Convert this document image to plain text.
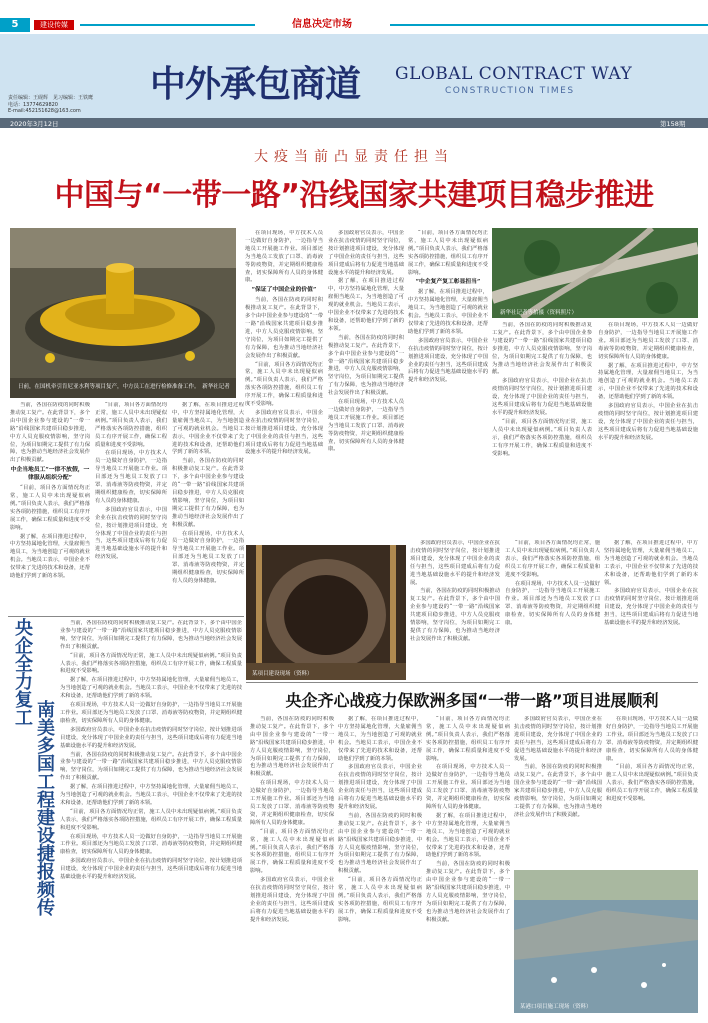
5	建设传媒	信息决定市场
中外承包商道 GLOBAL CONTRACT WAY
CONSTRUCTION TIMES
责任编辑：王砚辉　见习编辑：王铁鹰
电话：13774629820
E-mail:452151628@163.com
2020年3月12日	第158期
大疫当前凸显责任担当
中国与“一带一路”沿线国家共建项目稳步推进
日前，在国机牵引肯尼亚水利等项目复产，中方员工在进行检修准备工作。　新华社记者

当前，各国在防疫的同时积极推动复工复产。在此背景下，多个由中国企业参与建设的“一带一路”沿线国家共建项目稳步推进，中方人员克服疫情影响，坚守岗位，为项目如期完工提供了有力保障，也为推动当地经济社会发展作出了积极贡献。

中企当地员工“一律不放假，一律服从组织分配”

“目前，项目各方面情况均正常，施工人员中未出现疑似病例。”项目负责人表示，我们严格落实各项防控措施，组织员工有序开展工作，确保工程质量和进度不受影响。

据了解，在项目推进过程中，中方坚持属地化管理，大量雇佣当地员工，为当地创造了可观的就业机会。当地员工表示，中国企业不仅带来了先进的技术和设备，还帮助他们学到了新的本领。

“目前，项目各方面情况均正常，施工人员中未出现疑似病例。”项目负责人表示，我们严格落实各项防控措施，组织员工有序开展工作，确保工程质量和进度不受影响。

在项目现场，中方技术人员一边做好自身防护，一边指导当地员工开展施工作业。项目部还为当地员工发放了口罩、消毒液等防疫物资，并定期组织健康检查，切实保障所有人员的身体健康。

多国政府官员表示，中国企业在抗击疫情的同时坚守岗位，按计划推进项目建设，充分体现了中国企业的责任与担当，这些项目建成后将有力促进当地基础设施水平的提升和经济发展。

据了解，在项目推进过程中，中方坚持属地化管理，大量雇佣当地员工，为当地创造了可观的就业机会。当地员工表示，中国企业不仅带来了先进的技术和设备，还帮助他们学到了新的本领。

当前，各国在防疫的同时积极推动复工复产。在此背景下，多个由中国企业参与建设的“一带一路”沿线国家共建项目稳步推进，中方人员克服疫情影响，坚守岗位，为项目如期完工提供了有力保障，也为推动当地经济社会发展作出了积极贡献。

在项目现场，中方技术人员一边做好自身防护，一边指导当地员工开展施工作业。项目部还为当地员工发放了口罩、消毒液等防疫物资，并定期组织健康检查，切实保障所有人员的身体健康。

在项目现场，中方技术人员一边做好自身防护，一边指导当地员工开展施工作业。项目部还为当地员工发放了口罩、消毒液等防疫物资，并定期组织健康检查，切实保障所有人员的身体健康。

“保证了中国企业的价值”

当前，各国在防疫的同时积极推动复工复产。在此背景下，多个由中国企业参与建设的“一带一路”沿线国家共建项目稳步推进，中方人员克服疫情影响，坚守岗位，为项目如期完工提供了有力保障，也为推动当地经济社会发展作出了积极贡献。

“目前，项目各方面情况均正常，施工人员中未出现疑似病例。”项目负责人表示，我们严格落实各项防控措施，组织员工有序开展工作，确保工程质量和进度不受影响。

多国政府官员表示，中国企业在抗击疫情的同时坚守岗位，按计划推进项目建设，充分体现了中国企业的责任与担当，这些项目建成后将有力促进当地基础设施水平的提升和经济发展。

多国政府官员表示，中国企业在抗击疫情的同时坚守岗位，按计划推进项目建设，充分体现了中国企业的责任与担当，这些项目建成后将有力促进当地基础设施水平的提升和经济发展。

据了解，在项目推进过程中，中方坚持属地化管理，大量雇佣当地员工，为当地创造了可观的就业机会。当地员工表示，中国企业不仅带来了先进的技术和设备，还帮助他们学到了新的本领。

当前，各国在防疫的同时积极推动复工复产。在此背景下，多个由中国企业参与建设的“一带一路”沿线国家共建项目稳步推进，中方人员克服疫情影响，坚守岗位，为项目如期完工提供了有力保障，也为推动当地经济社会发展作出了积极贡献。

在项目现场，中方技术人员一边做好自身防护，一边指导当地员工开展施工作业。项目部还为当地员工发放了口罩、消毒液等防疫物资，并定期组织健康检查，切实保障所有人员的身体健康。

“目前，项目各方面情况均正常，施工人员中未出现疑似病例。”项目负责人表示，我们严格落实各项防控措施，组织员工有序开展工作，确保工程质量和进度不受影响。

“中企复产复工彰显担当”

据了解，在项目推进过程中，中方坚持属地化管理，大量雇佣当地员工，为当地创造了可观的就业机会。当地员工表示，中国企业不仅带来了先进的技术和设备，还帮助他们学到了新的本领。

多国政府官员表示，中国企业在抗击疫情的同时坚守岗位，按计划推进项目建设，充分体现了中国企业的责任与担当，这些项目建成后将有力促进当地基础设施水平的提升和经济发展。

新华社记者等拍摄（资料照片）

当前，各国在防疫的同时积极推动复工复产。在此背景下，多个由中国企业参与建设的“一带一路”沿线国家共建项目稳步推进，中方人员克服疫情影响，坚守岗位，为项目如期完工提供了有力保障，也为推动当地经济社会发展作出了积极贡献。

多国政府官员表示，中国企业在抗击疫情的同时坚守岗位，按计划推进项目建设，充分体现了中国企业的责任与担当，这些项目建成后将有力促进当地基础设施水平的提升和经济发展。

“目前，项目各方面情况均正常，施工人员中未出现疑似病例。”项目负责人表示，我们严格落实各项防控措施，组织员工有序开展工作，确保工程质量和进度不受影响。

在项目现场，中方技术人员一边做好自身防护，一边指导当地员工开展施工作业。项目部还为当地员工发放了口罩、消毒液等防疫物资，并定期组织健康检查，切实保障所有人员的身体健康。

据了解，在项目推进过程中，中方坚持属地化管理，大量雇佣当地员工，为当地创造了可观的就业机会。当地员工表示，中国企业不仅带来了先进的技术和设备，还帮助他们学到了新的本领。

多国政府官员表示，中国企业在抗击疫情的同时坚守岗位，按计划推进项目建设，充分体现了中国企业的责任与担当，这些项目建成后将有力促进当地基础设施水平的提升和经济发展。

某项目建设现场（资料）

多国政府官员表示，中国企业在抗击疫情的同时坚守岗位，按计划推进项目建设，充分体现了中国企业的责任与担当，这些项目建成后将有力促进当地基础设施水平的提升和经济发展。

当前，各国在防疫的同时积极推动复工复产。在此背景下，多个由中国企业参与建设的“一带一路”沿线国家共建项目稳步推进，中方人员克服疫情影响，坚守岗位，为项目如期完工提供了有力保障，也为推动当地经济社会发展作出了积极贡献。

“目前，项目各方面情况均正常，施工人员中未出现疑似病例。”项目负责人表示，我们严格落实各项防控措施，组织员工有序开展工作，确保工程质量和进度不受影响。

在项目现场，中方技术人员一边做好自身防护，一边指导当地员工开展施工作业。项目部还为当地员工发放了口罩、消毒液等防疫物资，并定期组织健康检查，切实保障所有人员的身体健康。

据了解，在项目推进过程中，中方坚持属地化管理，大量雇佣当地员工，为当地创造了可观的就业机会。当地员工表示，中国企业不仅带来了先进的技术和设备，还帮助他们学到了新的本领。

多国政府官员表示，中国企业在抗击疫情的同时坚守岗位，按计划推进项目建设，充分体现了中国企业的责任与担当，这些项目建成后将有力促进当地基础设施水平的提升和经济发展。

央企全力复工
南美多国工程建设捷报频传

当前，各国在防疫的同时积极推动复工复产。在此背景下，多个由中国企业参与建设的“一带一路”沿线国家共建项目稳步推进，中方人员克服疫情影响，坚守岗位，为项目如期完工提供了有力保障，也为推动当地经济社会发展作出了积极贡献。

“目前，项目各方面情况均正常，施工人员中未出现疑似病例。”项目负责人表示，我们严格落实各项防控措施，组织员工有序开展工作，确保工程质量和进度不受影响。

据了解，在项目推进过程中，中方坚持属地化管理，大量雇佣当地员工，为当地创造了可观的就业机会。当地员工表示，中国企业不仅带来了先进的技术和设备，还帮助他们学到了新的本领。

在项目现场，中方技术人员一边做好自身防护，一边指导当地员工开展施工作业。项目部还为当地员工发放了口罩、消毒液等防疫物资，并定期组织健康检查，切实保障所有人员的身体健康。

多国政府官员表示，中国企业在抗击疫情的同时坚守岗位，按计划推进项目建设，充分体现了中国企业的责任与担当，这些项目建成后将有力促进当地基础设施水平的提升和经济发展。

当前，各国在防疫的同时积极推动复工复产。在此背景下，多个由中国企业参与建设的“一带一路”沿线国家共建项目稳步推进，中方人员克服疫情影响，坚守岗位，为项目如期完工提供了有力保障，也为推动当地经济社会发展作出了积极贡献。

据了解，在项目推进过程中，中方坚持属地化管理，大量雇佣当地员工，为当地创造了可观的就业机会。当地员工表示，中国企业不仅带来了先进的技术和设备，还帮助他们学到了新的本领。

“目前，项目各方面情况均正常，施工人员中未出现疑似病例。”项目负责人表示，我们严格落实各项防控措施，组织员工有序开展工作，确保工程质量和进度不受影响。

在项目现场，中方技术人员一边做好自身防护，一边指导当地员工开展施工作业。项目部还为当地员工发放了口罩、消毒液等防疫物资，并定期组织健康检查，切实保障所有人员的身体健康。

多国政府官员表示，中国企业在抗击疫情的同时坚守岗位，按计划推进项目建设，充分体现了中国企业的责任与担当，这些项目建成后将有力促进当地基础设施水平的提升和经济发展。

央企齐心战疫力保欧洲多国“一带一路”项目进展顺利

当前，各国在防疫的同时积极推动复工复产。在此背景下，多个由中国企业参与建设的“一带一路”沿线国家共建项目稳步推进，中方人员克服疫情影响，坚守岗位，为项目如期完工提供了有力保障，也为推动当地经济社会发展作出了积极贡献。

在项目现场，中方技术人员一边做好自身防护，一边指导当地员工开展施工作业。项目部还为当地员工发放了口罩、消毒液等防疫物资，并定期组织健康检查，切实保障所有人员的身体健康。

“目前，项目各方面情况均正常，施工人员中未出现疑似病例。”项目负责人表示，我们严格落实各项防控措施，组织员工有序开展工作，确保工程质量和进度不受影响。

多国政府官员表示，中国企业在抗击疫情的同时坚守岗位，按计划推进项目建设，充分体现了中国企业的责任与担当，这些项目建成后将有力促进当地基础设施水平的提升和经济发展。

据了解，在项目推进过程中，中方坚持属地化管理，大量雇佣当地员工，为当地创造了可观的就业机会。当地员工表示，中国企业不仅带来了先进的技术和设备，还帮助他们学到了新的本领。

多国政府官员表示，中国企业在抗击疫情的同时坚守岗位，按计划推进项目建设，充分体现了中国企业的责任与担当，这些项目建成后将有力促进当地基础设施水平的提升和经济发展。

当前，各国在防疫的同时积极推动复工复产。在此背景下，多个由中国企业参与建设的“一带一路”沿线国家共建项目稳步推进，中方人员克服疫情影响，坚守岗位，为项目如期完工提供了有力保障，也为推动当地经济社会发展作出了积极贡献。

“目前，项目各方面情况均正常，施工人员中未出现疑似病例。”项目负责人表示，我们严格落实各项防控措施，组织员工有序开展工作，确保工程质量和进度不受影响。

“目前，项目各方面情况均正常，施工人员中未出现疑似病例。”项目负责人表示，我们严格落实各项防控措施，组织员工有序开展工作，确保工程质量和进度不受影响。

在项目现场，中方技术人员一边做好自身防护，一边指导当地员工开展施工作业。项目部还为当地员工发放了口罩、消毒液等防疫物资，并定期组织健康检查，切实保障所有人员的身体健康。

据了解，在项目推进过程中，中方坚持属地化管理，大量雇佣当地员工，为当地创造了可观的就业机会。当地员工表示，中国企业不仅带来了先进的技术和设备，还帮助他们学到了新的本领。

当前，各国在防疫的同时积极推动复工复产。在此背景下，多个由中国企业参与建设的“一带一路”沿线国家共建项目稳步推进，中方人员克服疫情影响，坚守岗位，为项目如期完工提供了有力保障，也为推动当地经济社会发展作出了积极贡献。

多国政府官员表示，中国企业在抗击疫情的同时坚守岗位，按计划推进项目建设，充分体现了中国企业的责任与担当，这些项目建成后将有力促进当地基础设施水平的提升和经济发展。

当前，各国在防疫的同时积极推动复工复产。在此背景下，多个由中国企业参与建设的“一带一路”沿线国家共建项目稳步推进，中方人员克服疫情影响，坚守岗位，为项目如期完工提供了有力保障，也为推动当地经济社会发展作出了积极贡献。

在项目现场，中方技术人员一边做好自身防护，一边指导当地员工开展施工作业。项目部还为当地员工发放了口罩、消毒液等防疫物资，并定期组织健康检查，切实保障所有人员的身体健康。

“目前，项目各方面情况均正常，施工人员中未出现疑似病例。”项目负责人表示，我们严格落实各项防控措施，组织员工有序开展工作，确保工程质量和进度不受影响。

某港口项目施工现场（资料）
